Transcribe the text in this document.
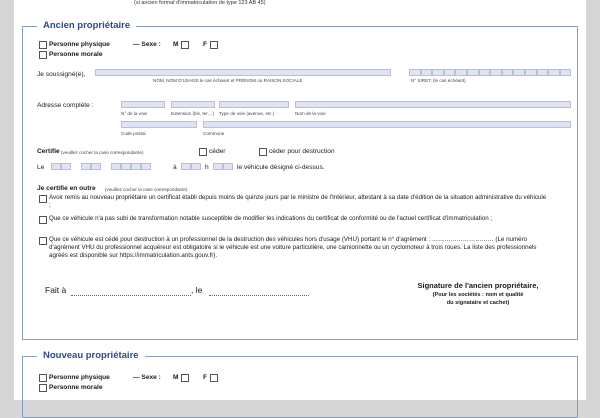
(si ancien format d'immatriculation de type 123 AB 45)
Ancien propriétaire
Personne physique	— Sexe : M	F
Personne morale
Je soussigné(e),
NOM, NOM D'USAGE le cas échéant et PRÉNOM ou RAISON SOCIALE	N° SIRET, (le cas échéant)
Adresse complète :
N° de la voie	Extension (bis, ter…) Type de voie (avenue, etc.)	Nom de la voie
Code postal	Commune
Certifie (veuillez cocher la case correspondante)	céder	céder pour destruction
Le	à	h	le véhicule désigné ci-dessus.
Je certifie en outre (veuillez cocher la case correspondante)
Avoir remis au nouveau propriétaire un certificat établi depuis moins de quinze jours par le ministre de l'Intérieur, attestant à sa date d'édition de la situation administrative du véhicule ;
Que ce véhicule n'a pas subi de transformation notable susceptible de modifier les indications du certificat de conformité ou de l'actuel certificat d'immatriculation ;
Que ce véhicule est cédé pour destruction à un professionnel de la destruction des véhicules hors d'usage (VHU) portant le n° d'agrément : ………………………… (Le numéro d'agrément VHU du professionnel acquéreur est obligatoire si le véhicule est une voiture particulière, une camionnette ou un cyclomoteur à trois roues. La liste des professionnels agréés est disponible sur https://immatriculation.ants.gouv.fr).
Fait à	, le	Signature de l'ancien propriétaire,
(Pour les sociétés : nom et qualité
du signataire et cachet)
Nouveau propriétaire
Personne physique	— Sexe : M	F
Personne morale
